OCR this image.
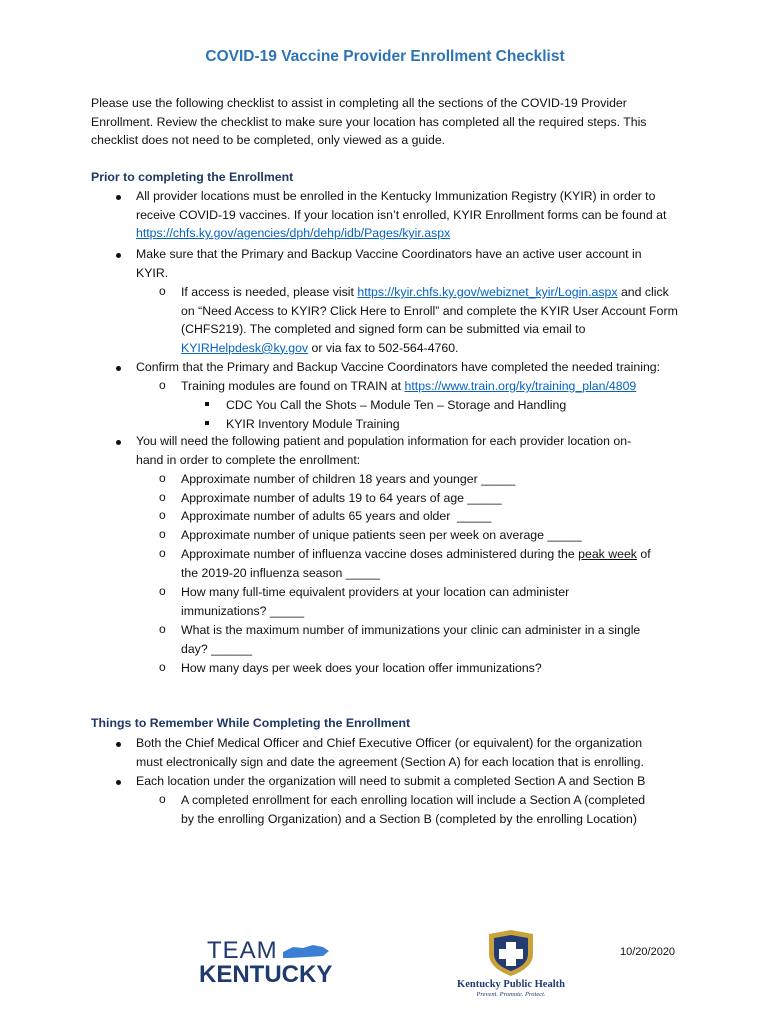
COVID-19 Vaccine Provider Enrollment Checklist
Please use the following checklist to assist in completing all the sections of the COVID-19 Provider Enrollment. Review the checklist to make sure your location has completed all the required steps. This checklist does not need to be completed, only viewed as a guide.
Prior to completing the Enrollment
All provider locations must be enrolled in the Kentucky Immunization Registry (KYIR) in order to receive COVID-19 vaccines. If your location isn’t enrolled, KYIR Enrollment forms can be found at https://chfs.ky.gov/agencies/dph/dehp/idb/Pages/kyir.aspx
Make sure that the Primary and Backup Vaccine Coordinators have an active user account in KYIR.
o If access is needed, please visit https://kyir.chfs.ky.gov/webiznet_kyir/Login.aspx and click on “Need Access to KYIR? Click Here to Enroll” and complete the KYIR User Account Form (CHFS219). The completed and signed form can be submitted via email to KYIRHelpdesk@ky.gov or via fax to 502-564-4760.
Confirm that the Primary and Backup Vaccine Coordinators have completed the needed training:
o Training modules are found on TRAIN at https://www.train.org/ky/training_plan/4809
CDC You Call the Shots – Module Ten – Storage and Handling
KYIR Inventory Module Training
You will need the following patient and population information for each provider location on-
hand in order to complete the enrollment:
o Approximate number of children 18 years and younger _____
o Approximate number of adults 19 to 64 years of age _____
o Approximate number of adults 65 years and older  _____
o Approximate number of unique patients seen per week on average _____
o Approximate number of influenza vaccine doses administered during the peak week of
the 2019-20 influenza season _____
o How many full-time equivalent providers at your location can administer
immunizations? _____
o What is the maximum number of immunizations your clinic can administer in a single
day? ______
o How many days per week does your location offer immunizations?
Things to Remember While Completing the Enrollment
Both the Chief Medical Officer and Chief Executive Officer (or equivalent) for the organization
must electronically sign and date the agreement (Section A) for each location that is enrolling.
Each location under the organization will need to submit a completed Section A and Section B
o A completed enrollment for each enrolling location will include a Section A (completed
by the enrolling Organization) and a Section B (completed by the enrolling Location)
TEAM
KENTUCKY	Kentucky Public Health
Prevent. Promote. Protect.
10/20/2020
